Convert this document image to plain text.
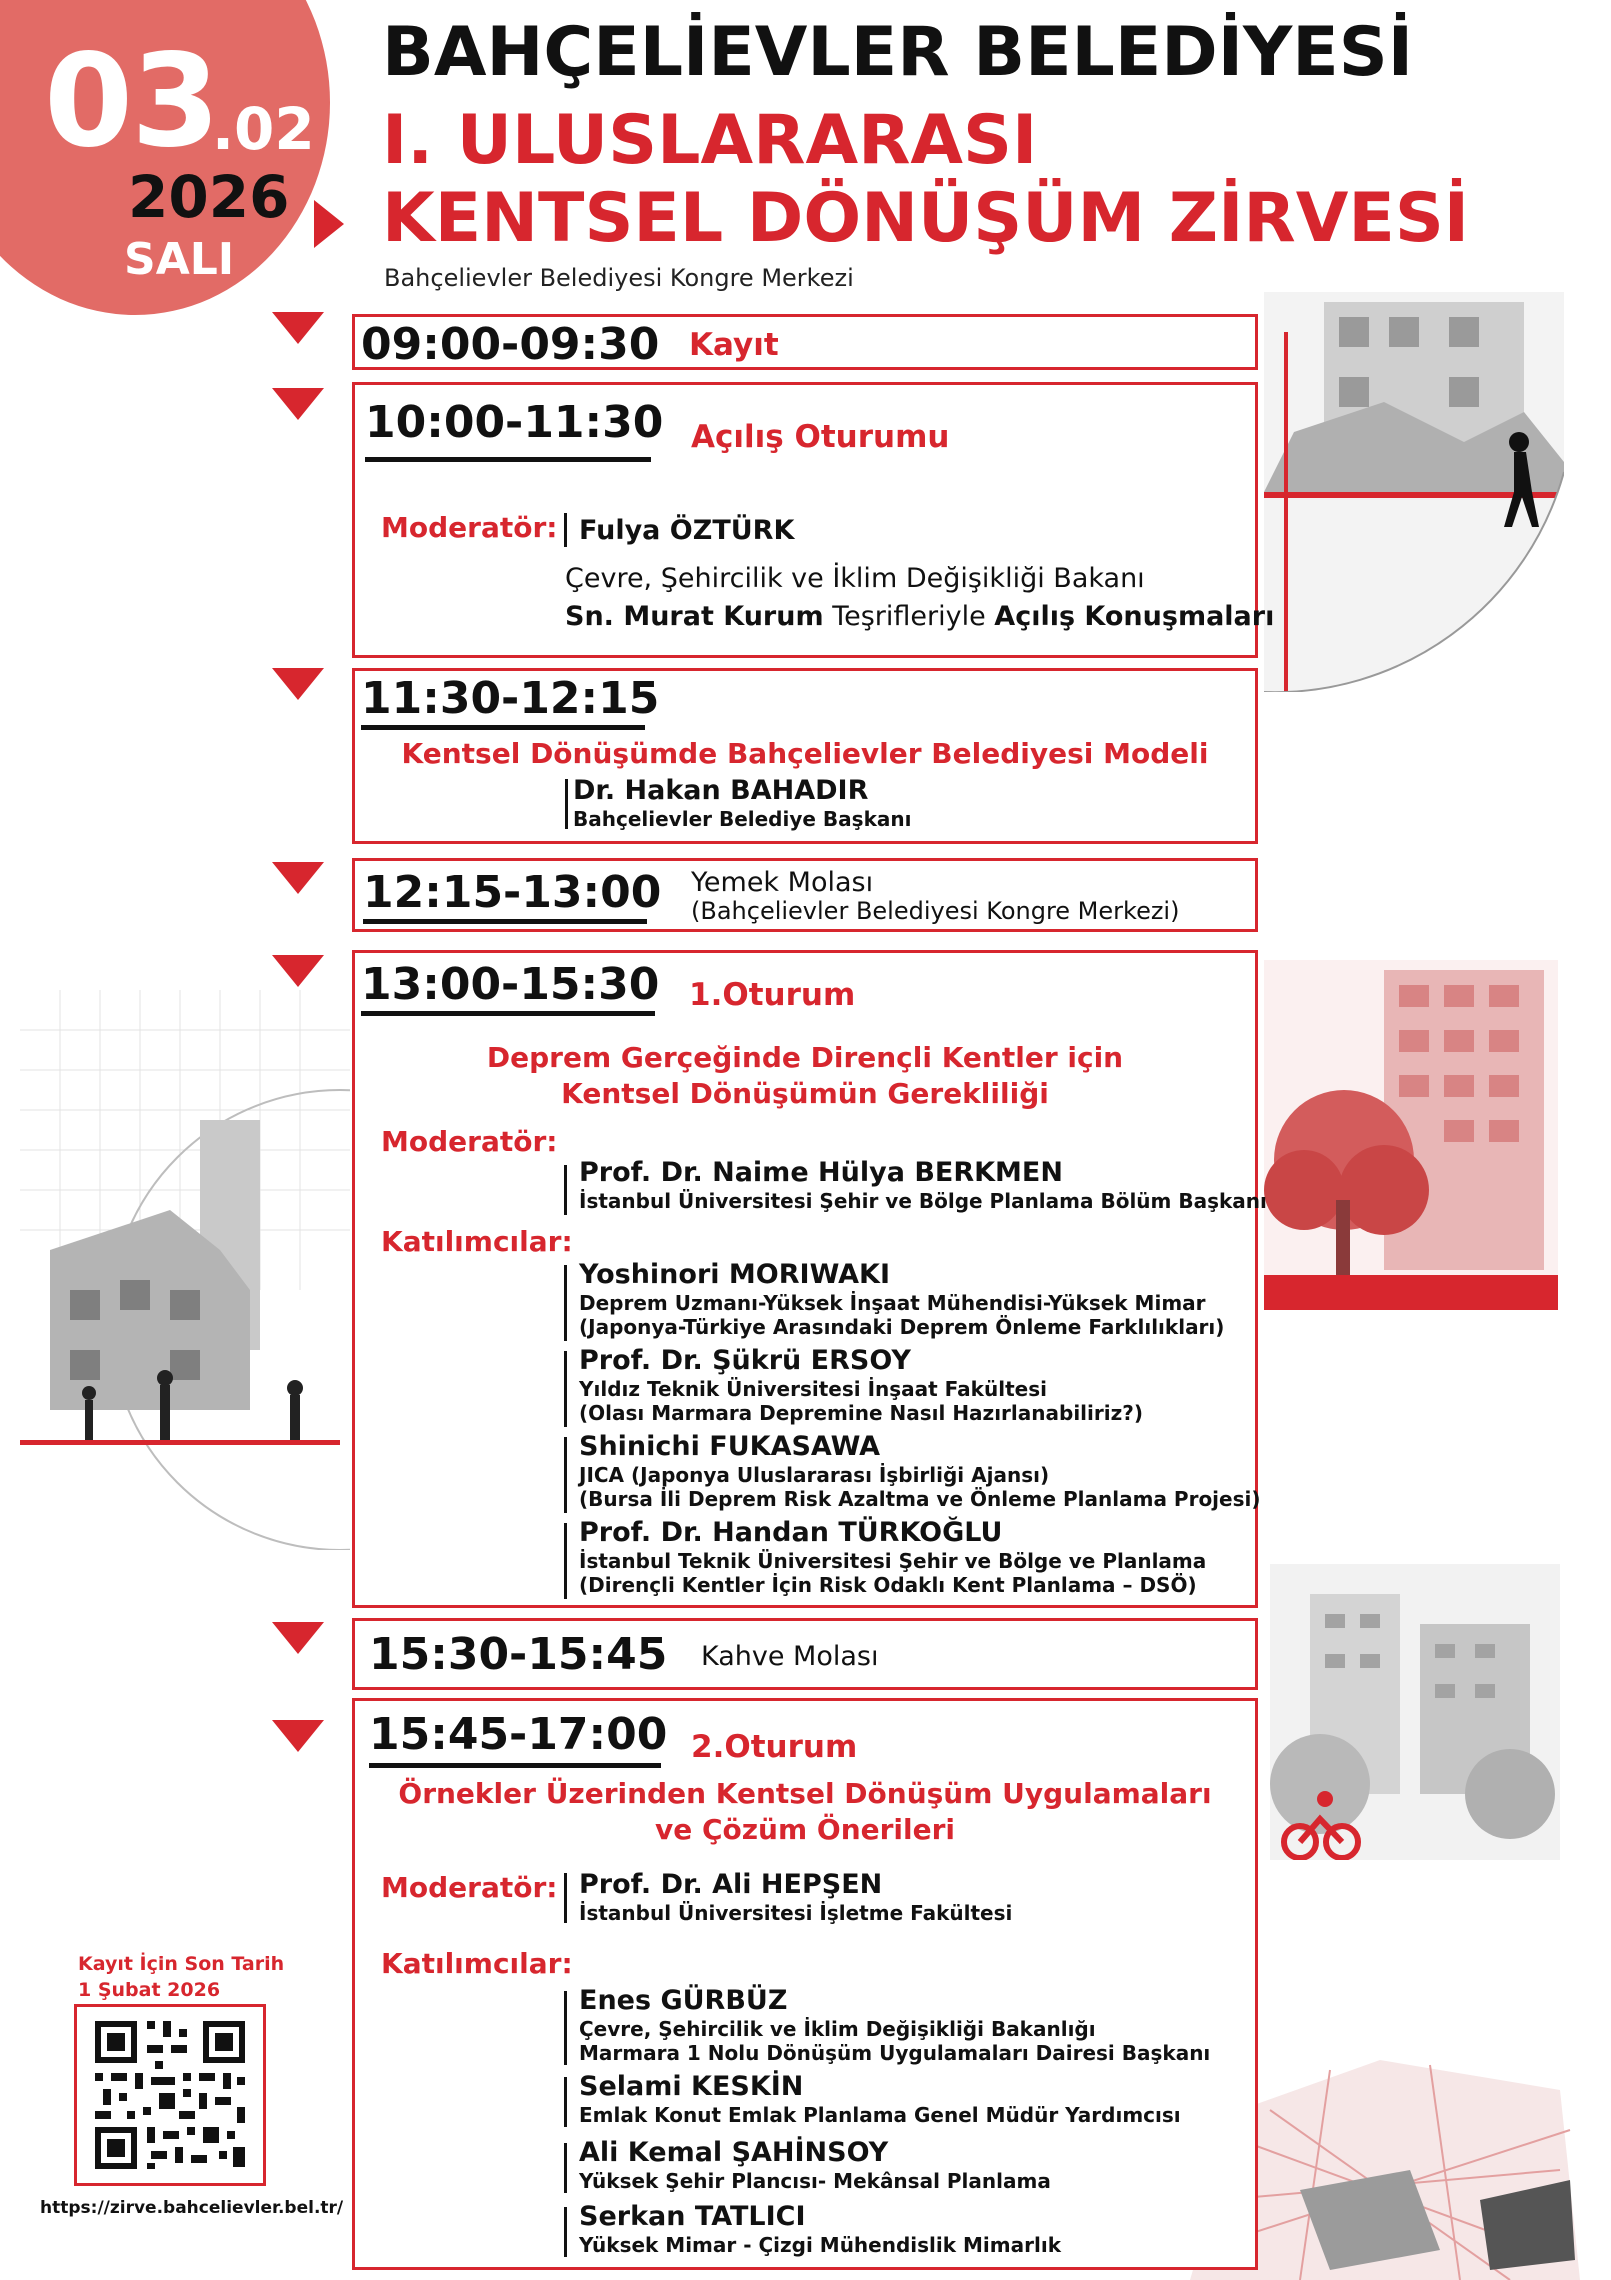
03
.02
2026
SALI
BAHÇELİEVLER BELEDİYESİ
I. ULUSLARARASI
KENTSEL DÖNÜŞÜM ZİRVESİ
Bahçelievler Belediyesi Kongre Merkezi
09:00-09:30 Kayıt
10:00-11:30 Açılış Oturumu
Moderatör: Fulya ÖZTÜRK
Çevre, Şehircilik ve İklim Değişikliği Bakanı
Sn. Murat Kurum Teşrifleriyle Açılış Konuşmaları
11:30-12:15
Kentsel Dönüşümde Bahçelievler Belediyesi Modeli
Dr. Hakan BAHADIR
Bahçelievler Belediye Başkanı
12:15-13:00 Yemek Molası
(Bahçelievler Belediyesi Kongre Merkezi)
13:00-15:30 1.Oturum
Deprem Gerçeğinde Dirençli Kentler için
Kentsel Dönüşümün Gerekliliği
Moderatör:
Prof. Dr. Naime Hülya BERKMEN
İstanbul Üniversitesi Şehir ve Bölge Planlama Bölüm Başkanı
Katılımcılar:
Yoshinori MORIWAKI
Deprem Uzmanı-Yüksek İnşaat Mühendisi-Yüksek Mimar
(Japonya-Türkiye Arasındaki Deprem Önleme Farklılıkları)
Prof. Dr. Şükrü ERSOY
Yıldız Teknik Üniversitesi İnşaat Fakültesi
(Olası Marmara Depremine Nasıl Hazırlanabiliriz?)
Shinichi FUKASAWA
JICA (Japonya Uluslararası İşbirliği Ajansı)
(Bursa İli Deprem Risk Azaltma ve Önleme Planlama Projesi)
Prof. Dr. Handan TÜRKOĞLU
İstanbul Teknik Üniversitesi Şehir ve Bölge ve Planlama
(Dirençli Kentler İçin Risk Odaklı Kent Planlama – DSÖ)
15:30-15:45 Kahve Molası
15:45-17:00 2.Oturum
Örnekler Üzerinden Kentsel Dönüşüm Uygulamaları
ve Çözüm Önerileri
Moderatör: Prof. Dr. Ali HEPŞEN
İstanbul Üniversitesi İşletme Fakültesi
Katılımcılar:
Enes GÜRBÜZ
Çevre, Şehircilik ve İklim Değişikliği Bakanlığı
Marmara 1 Nolu Dönüşüm Uygulamaları Dairesi Başkanı
Selami KESKİN
Emlak Konut Emlak Planlama Genel Müdür Yardımcısı
Ali Kemal ŞAHİNSOY
Yüksek Şehir Plancısı- Mekânsal Planlama
Serkan TATLICI
Yüksek Mimar - Çizgi Mühendislik Mimarlık
Kayıt İçin Son Tarih
1 Şubat 2026
https://zirve.bahcelievler.bel.tr/
